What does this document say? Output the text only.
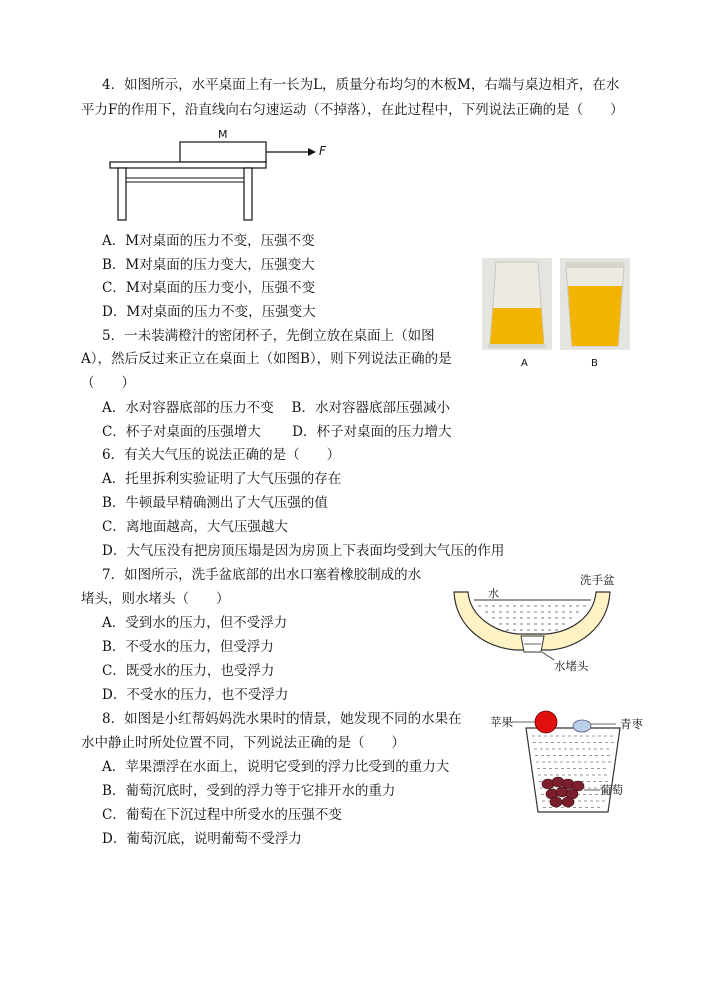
4．如图所示，水平桌面上有一长为L，质量分布均匀的木板M，右端与桌边相齐，在水
平力F的作用下，沿直线向右匀速运动（不掉落），在此过程中，下列说法正确的是（　　）
M
F
A．M对桌面的压力不变，压强不变
B．M对桌面的压力变大，压强变大
C．M对桌面的压力变小，压强不变
D．M对桌面的压力不变，压强变大
A	B
5．一未装满橙汁的密闭杯子，先倒立放在桌面上（如图
A），然后反过来正立在桌面上（如图B），则下列说法正确的是
（　　）
A．水对容器底部的压力不变　 B．水对容器底部压强减小
C．杯子对桌面的压强增大　　 D．杯子对桌面的压力增大
6．有关大气压的说法正确的是（　　）
A．托里拆利实验证明了大气压强的存在
B．牛顿最早精确测出了大气压强的值
C．离地面越高，大气压强越大
D．大气压没有把房顶压塌是因为房顶上下表面均受到大气压的作用
7．如图所示，洗手盆底部的出水口塞着橡胶制成的水
堵头，则水堵头（　　）
A．受到水的压力，但不受浮力
B．不受水的压力，但受浮力
C．既受水的压力，也受浮力
D．不受水的压力，也不受浮力
洗手盆
水
水堵头
8．如图是小红帮妈妈洗水果时的情景，她发现不同的水果在
水中静止时所处位置不同，下列说法正确的是（　　）
A．苹果漂浮在水面上，说明它受到的浮力比受到的重力大
B．葡萄沉底时，受到的浮力等于它排开水的重力
C．葡萄在下沉过程中所受水的压强不变
D．葡萄沉底，说明葡萄不受浮力
苹果	青枣
葡萄
